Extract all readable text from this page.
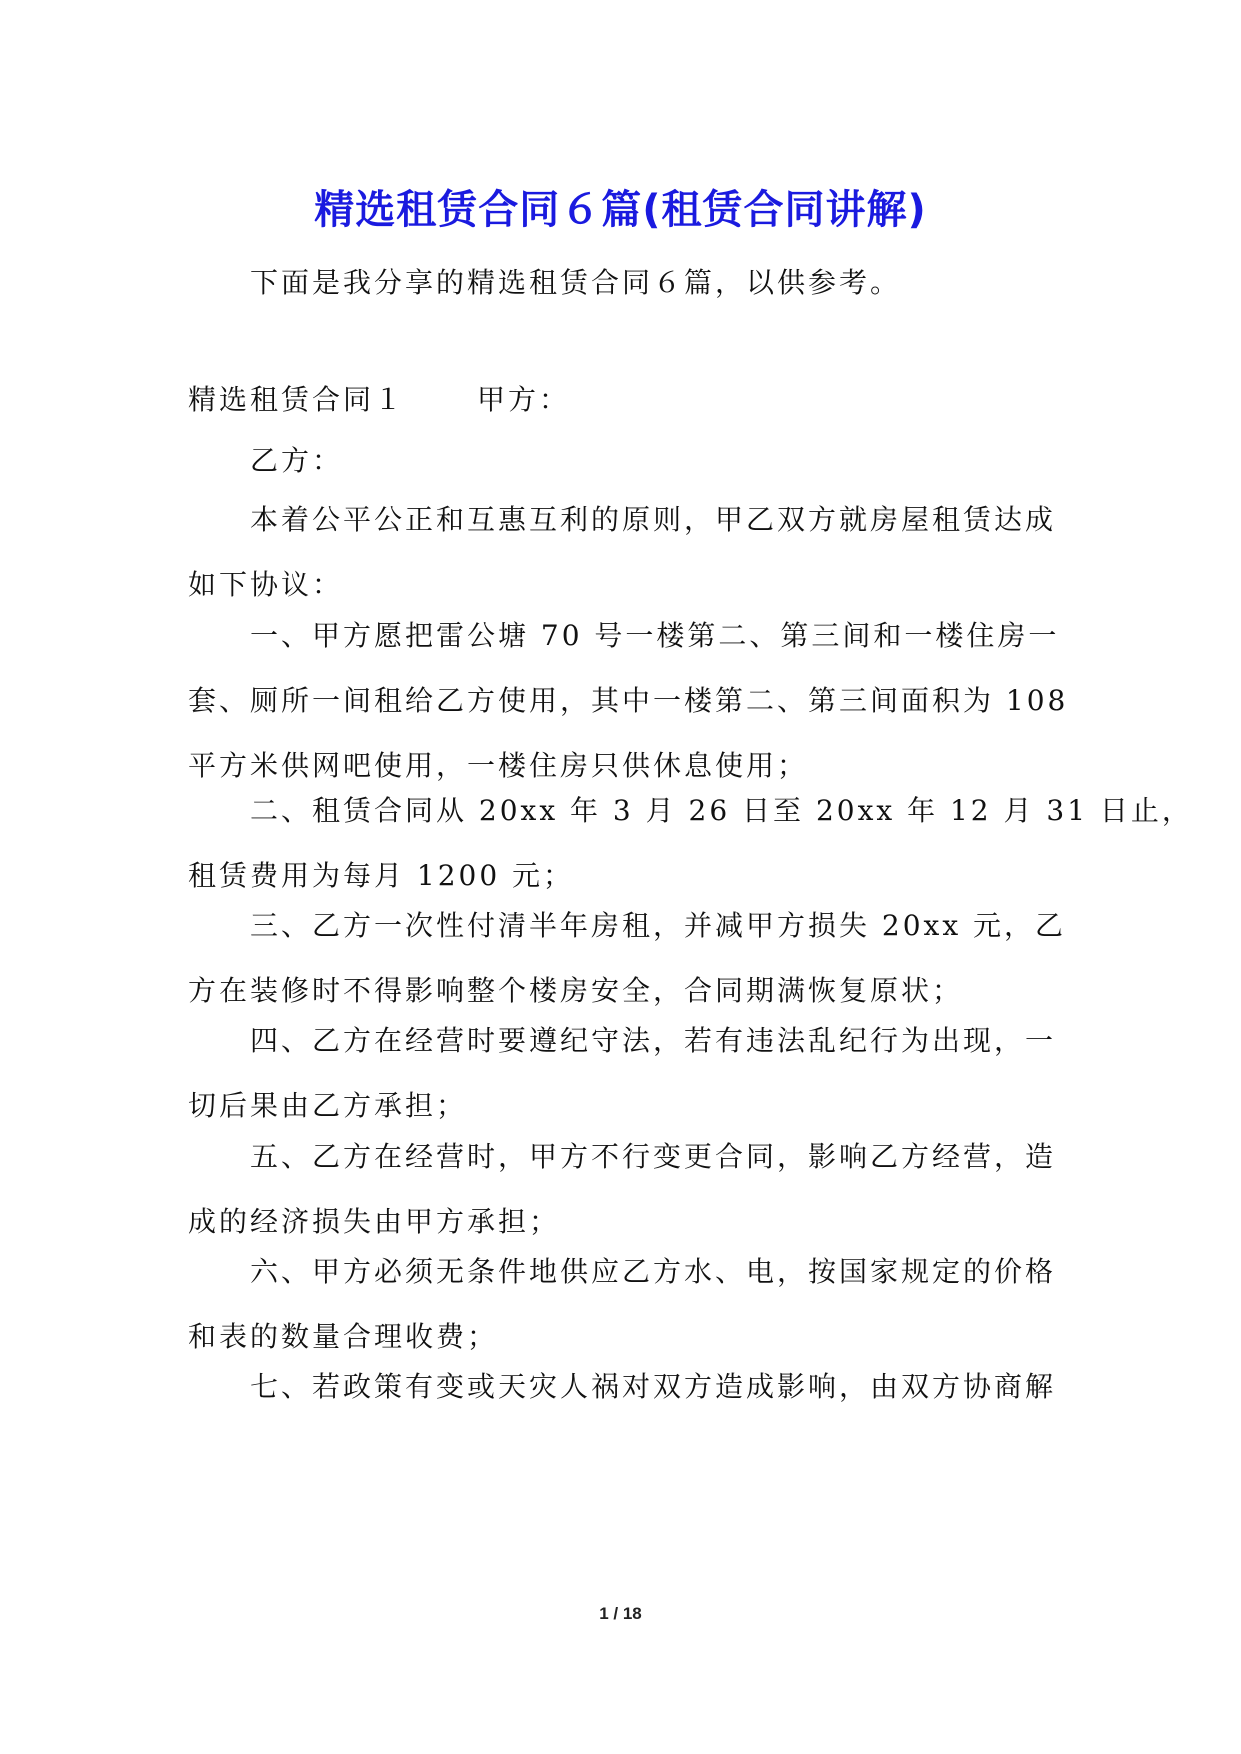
精选租赁合同６篇(租赁合同讲解)
下面是我分享的精选租赁合同６篇，以供参考。
精选租赁合同１	甲方：
乙方：
本着公平公正和互惠互利的原则，甲乙双方就房屋租赁达成
如下协议：
一、甲方愿把雷公塘 70 号一楼第二、第三间和一楼住房一
套、厕所一间租给乙方使用，其中一楼第二、第三间面积为 108
平方米供网吧使用，一楼住房只供休息使用；
二、租赁合同从 20xx 年 3 月 26 日至 20xx 年 12 月 31 日止，
租赁费用为每月 1200 元；
三、乙方一次性付清半年房租，并减甲方损失 20xx 元，乙
方在装修时不得影响整个楼房安全，合同期满恢复原状；
四、乙方在经营时要遵纪守法，若有违法乱纪行为出现，一
切后果由乙方承担；
五、乙方在经营时，甲方不行变更合同，影响乙方经营，造
成的经济损失由甲方承担；
六、甲方必须无条件地供应乙方水、电，按国家规定的价格
和表的数量合理收费；
七、若政策有变或天灾人祸对双方造成影响，由双方协商解
1 / 18
